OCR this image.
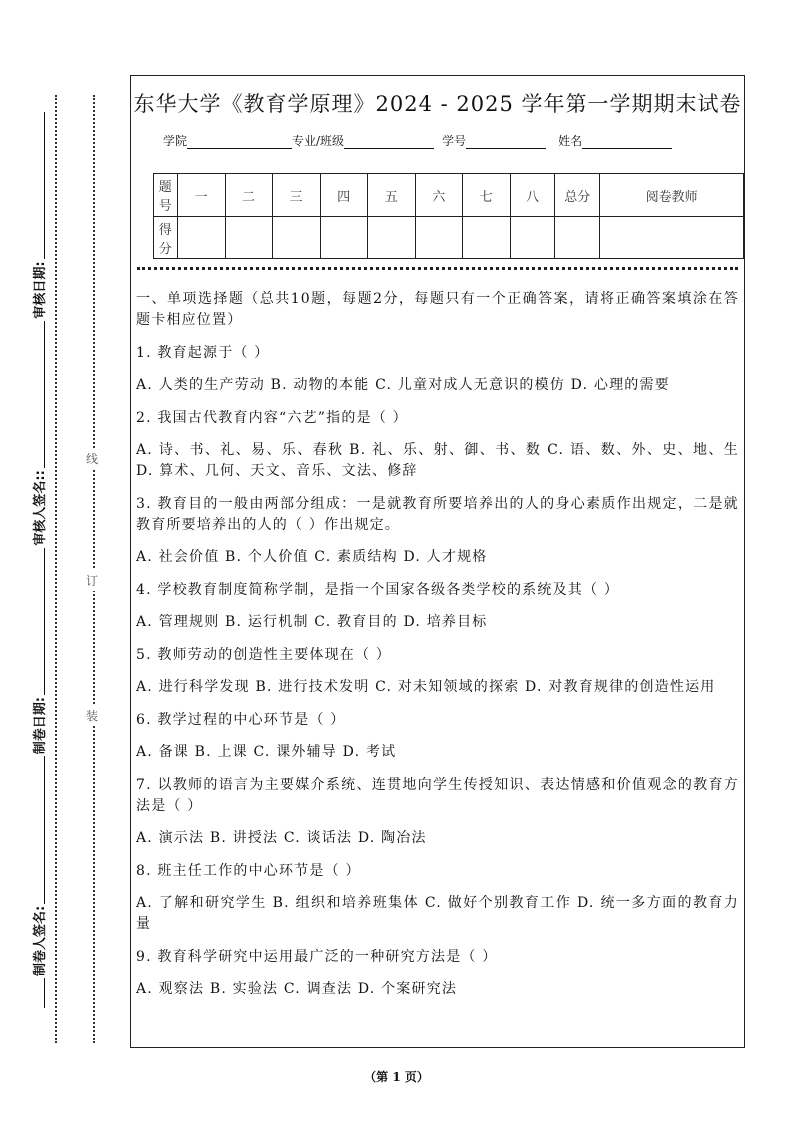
制卷人签名:
制卷日期:
审核人签名::
审核日期:
线
订
装
东华大学《教育学原理》2024 - 2025 学年第一学期期末试卷
学院	专业/班级	学号	姓名
题号	一	二	三	四	五	六	七	八	总分	阅卷教师
得分										

一、单项选择题（总共10题，每题2分，每题只有一个正确答案，请将正确答案填涂在答题卡相应位置）

1. 教育起源于（ ）

A. 人类的生产劳动 B. 动物的本能 C. 儿童对成人无意识的模仿 D. 心理的需要

2. 我国古代教育内容“六艺”指的是（ ）

A. 诗、书、礼、易、乐、春秋 B. 礼、乐、射、御、书、数 C. 语、数、外、史、地、生 D. 算术、几何、天文、音乐、文法、修辞

3. 教育目的一般由两部分组成：一是就教育所要培养出的人的身心素质作出规定，二是就教育所要培养出的人的（ ）作出规定。

A. 社会价值 B. 个人价值 C. 素质结构 D. 人才规格

4. 学校教育制度简称学制，是指一个国家各级各类学校的系统及其（ ）

A. 管理规则 B. 运行机制 C. 教育目的 D. 培养目标

5. 教师劳动的创造性主要体现在（ ）

A. 进行科学发现 B. 进行技术发明 C. 对未知领域的探索 D. 对教育规律的创造性运用

6. 教学过程的中心环节是（ ）

A. 备课 B. 上课 C. 课外辅导 D. 考试

7. 以教师的语言为主要媒介系统、连贯地向学生传授知识、表达情感和价值观念的教育方法是（ ）

A. 演示法 B. 讲授法 C. 谈话法 D. 陶冶法

8. 班主任工作的中心环节是（ ）

A. 了解和研究学生 B. 组织和培养班集体 C. 做好个别教育工作 D. 统一多方面的教育力量

9. 教育科学研究中运用最广泛的一种研究方法是（ ）

A. 观察法 B. 实验法 C. 调查法 D. 个案研究法

（第 1 页）
